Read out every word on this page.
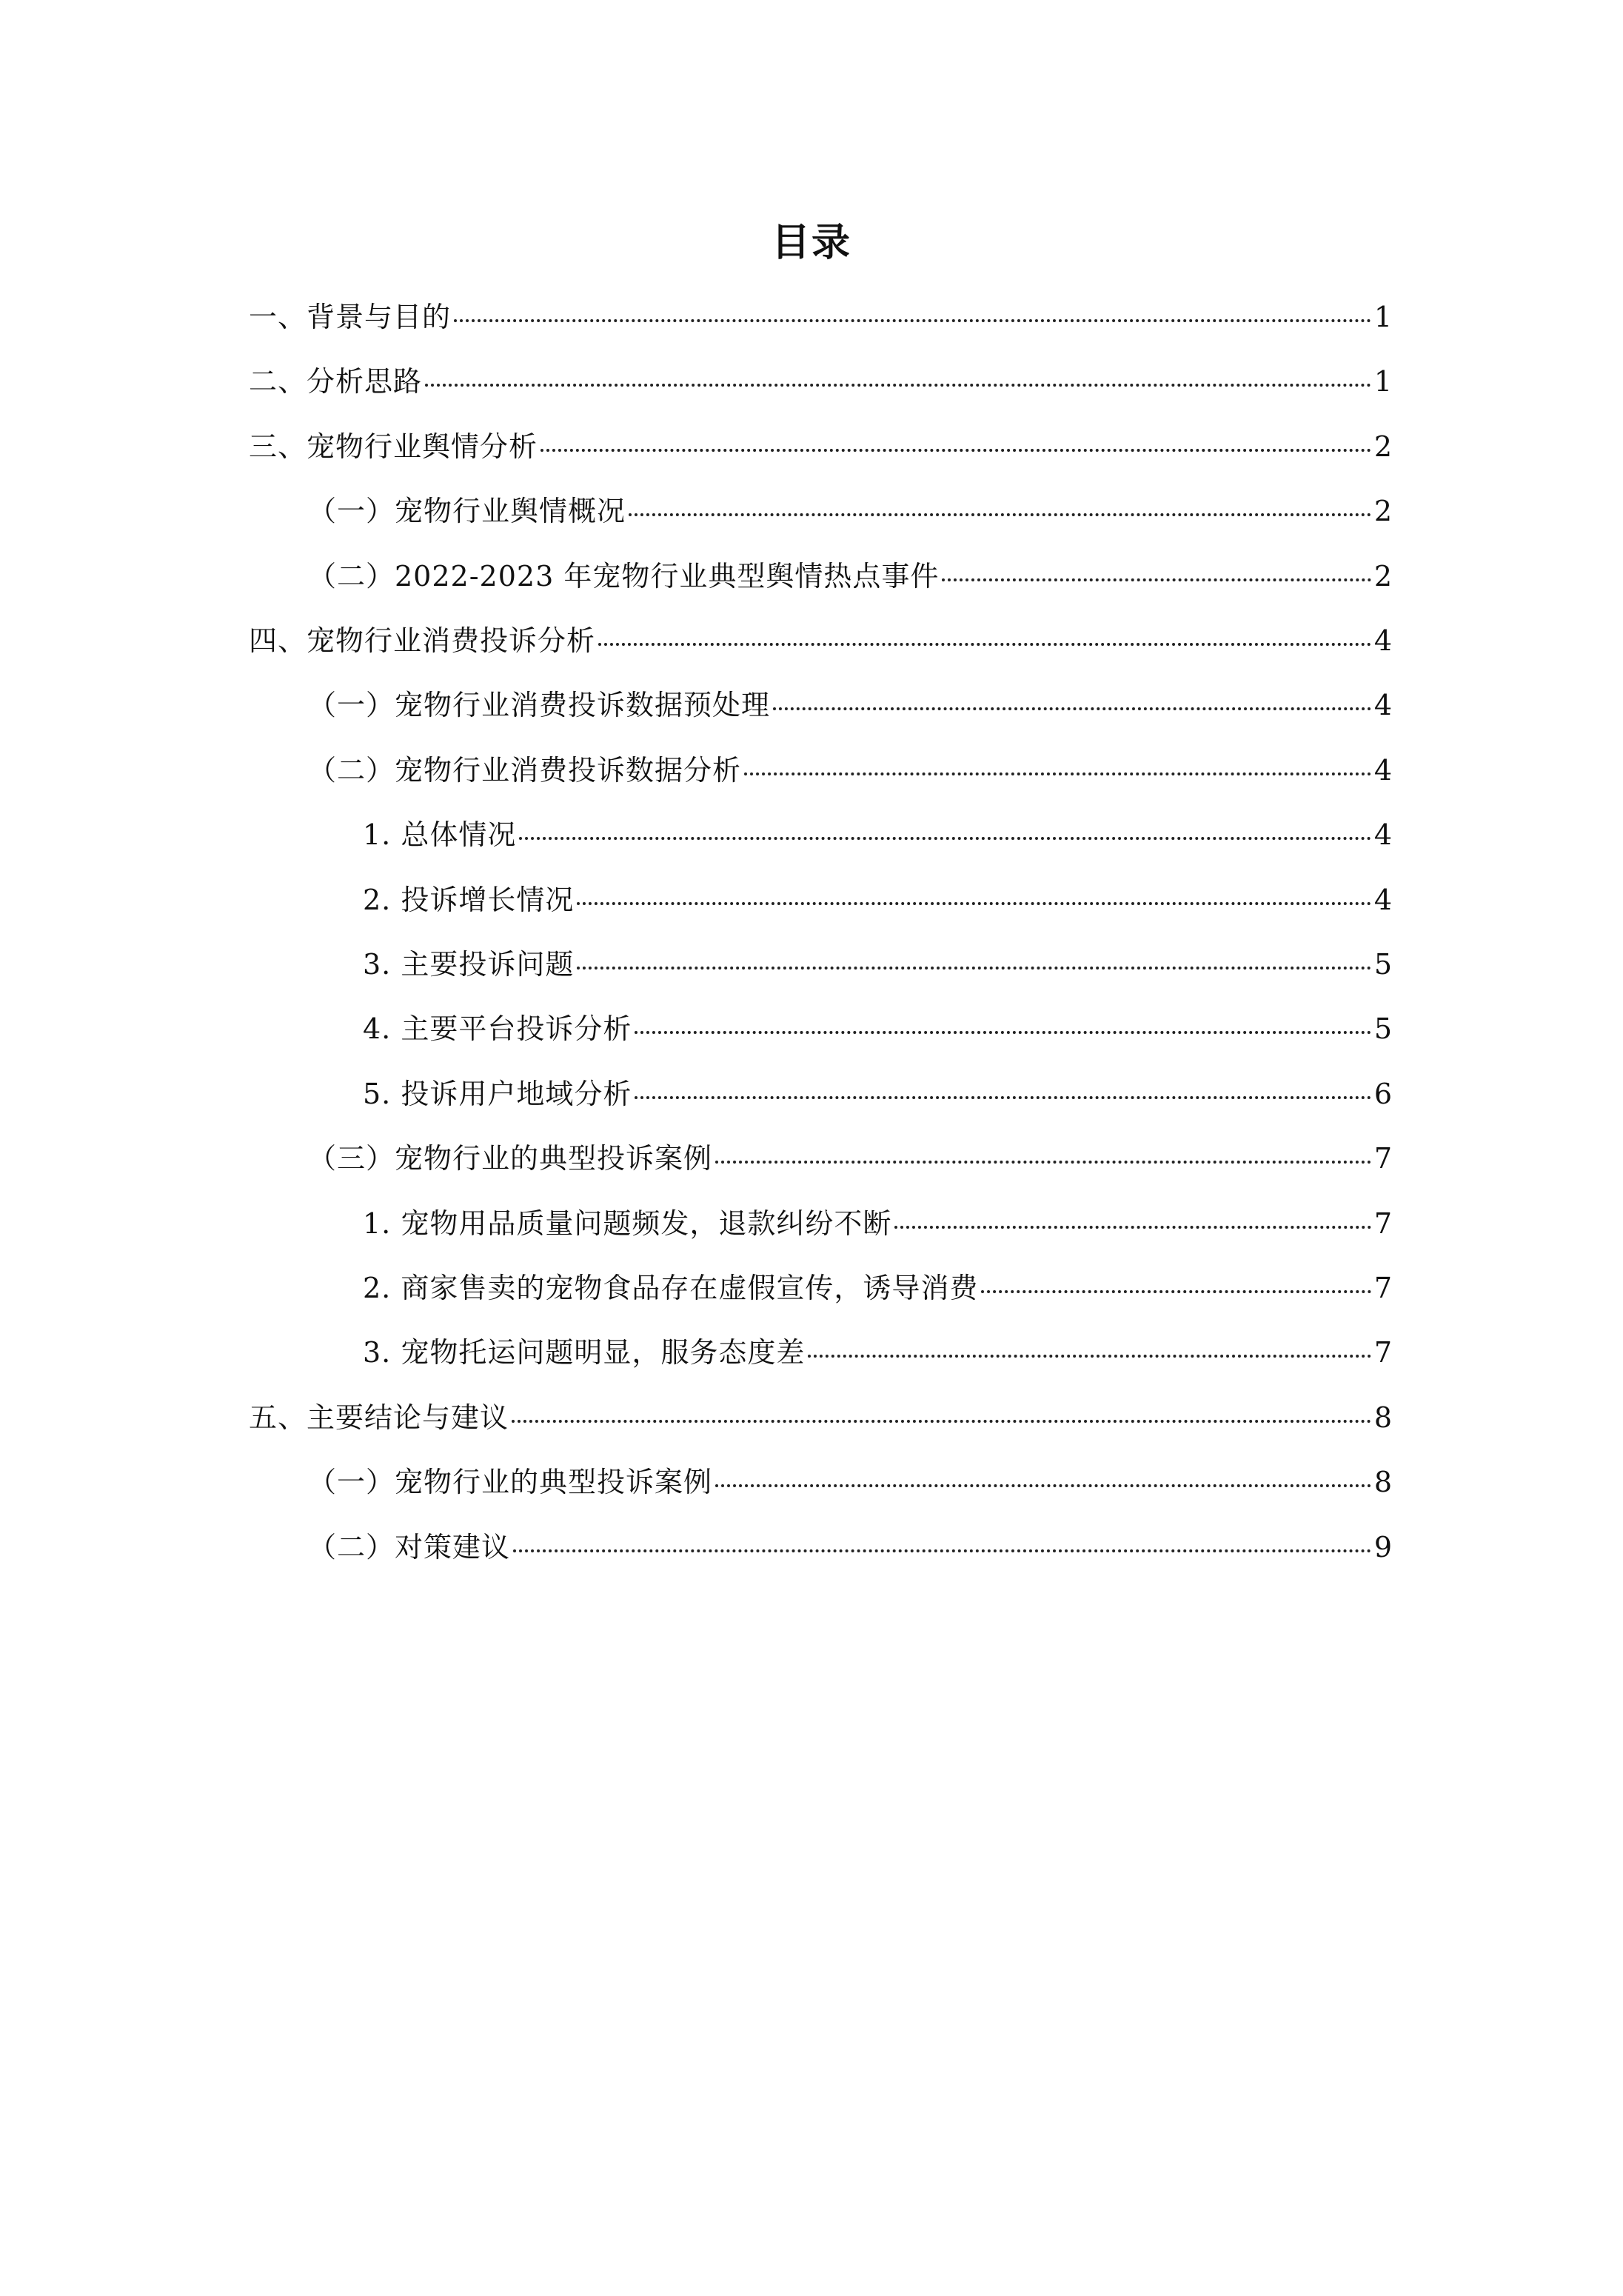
目录
一、背景与目的	1
二、分析思路	1
三、宠物行业舆情分析	2
（一）宠物行业舆情概况	2
（二）2022-2023 年宠物行业典型舆情热点事件	2
四、宠物行业消费投诉分析	4
（一）宠物行业消费投诉数据预处理	4
（二）宠物行业消费投诉数据分析	4
1. 总体情况	4
2. 投诉增长情况	4
3. 主要投诉问题	5
4. 主要平台投诉分析	5
5. 投诉用户地域分析	6
（三）宠物行业的典型投诉案例	7
1. 宠物用品质量问题频发，退款纠纷不断	7
2. 商家售卖的宠物食品存在虚假宣传，诱导消费	7
3. 宠物托运问题明显，服务态度差	7
五、主要结论与建议	8
（一）宠物行业的典型投诉案例	8
（二）对策建议	9
